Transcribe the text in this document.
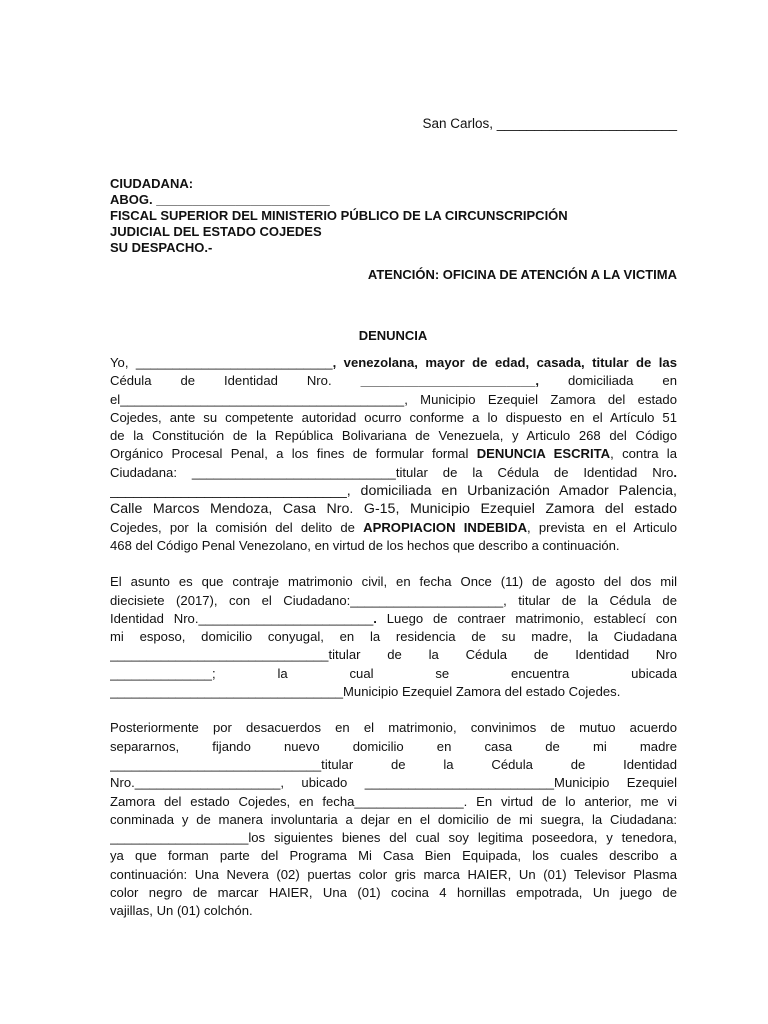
San Carlos, ________________________
CIUDADANA:
ABOG. ________________________
FISCAL SUPERIOR DEL MINISTERIO PÚBLICO DE LA CIRCUNSCRIPCIÓN
JUDICIAL DEL ESTADO COJEDES
SU DESPACHO.-
ATENCIÓN: OFICINA DE ATENCIÓN A LA VICTIMA
DENUNCIA
Yo, ___________________________, venezolana, mayor de edad, casada, titular de las
Cédula de Identidad Nro. ________________________, domiciliada en
el_______________________________________, Municipio Ezequiel Zamora del estado
Cojedes, ante su competente autoridad ocurro conforme a lo dispuesto en el Artículo 51
de la Constitución de la República Bolivariana de Venezuela, y Articulo 268 del Código
Orgánico Procesal Penal, a los fines de formular formal DENUNCIA ESCRITA, contra la
Ciudadana: ____________________________titular de la Cédula de Identidad Nro.
______________________________, domiciliada en Urbanización Amador Palencia,
Calle Marcos Mendoza, Casa Nro. G-15, Municipio Ezequiel Zamora del estado
Cojedes, por la comisión del delito de APROPIACION INDEBIDA, prevista en el Articulo
468 del Código Penal Venezolano, en virtud de los hechos que describo a continuación.
El asunto es que contraje matrimonio civil, en fecha Once (11) de agosto del dos mil
diecisiete (2017), con el Ciudadano:_____________________, titular de la Cédula de
Identidad Nro.________________________. Luego de contraer matrimonio, establecí con
mi esposo, domicilio conyugal, en la residencia de su madre, la Ciudadana
______________________________titular de la Cédula de Identidad Nro
______________; la cual se encuentra ubicada
________________________________Municipio Ezequiel Zamora del estado Cojedes.
Posteriormente por desacuerdos en el matrimonio, convinimos de mutuo acuerdo
separarnos, fijando nuevo domicilio en casa de mi madre
_____________________________titular de la Cédula de Identidad
Nro.____________________, ubicado __________________________Municipio Ezequiel
Zamora del estado Cojedes, en fecha_______________. En virtud de lo anterior, me vi
conminada y de manera involuntaria a dejar en el domicilio de mi suegra, la Ciudadana:
___________________los siguientes bienes del cual soy legitima poseedora, y tenedora,
ya que forman parte del Programa Mi Casa Bien Equipada, los cuales describo a
continuación: Una Nevera (02) puertas color gris marca HAIER, Un (01) Televisor Plasma
color negro de marcar HAIER, Una (01) cocina 4 hornillas empotrada, Un juego de
vajillas, Un (01) colchón.
